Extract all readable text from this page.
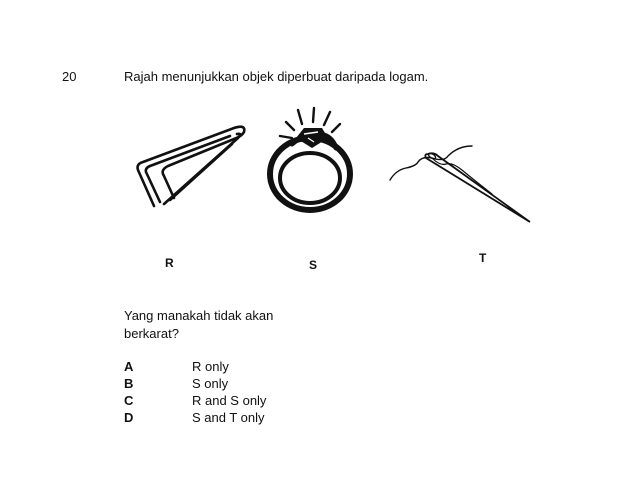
20	Rajah menunjukkan objek diperbuat daripada logam.
R	S	T
Yang manakah tidak akan
berkarat?
A	R only
B	S only
C	R and S only
D	S and T only
